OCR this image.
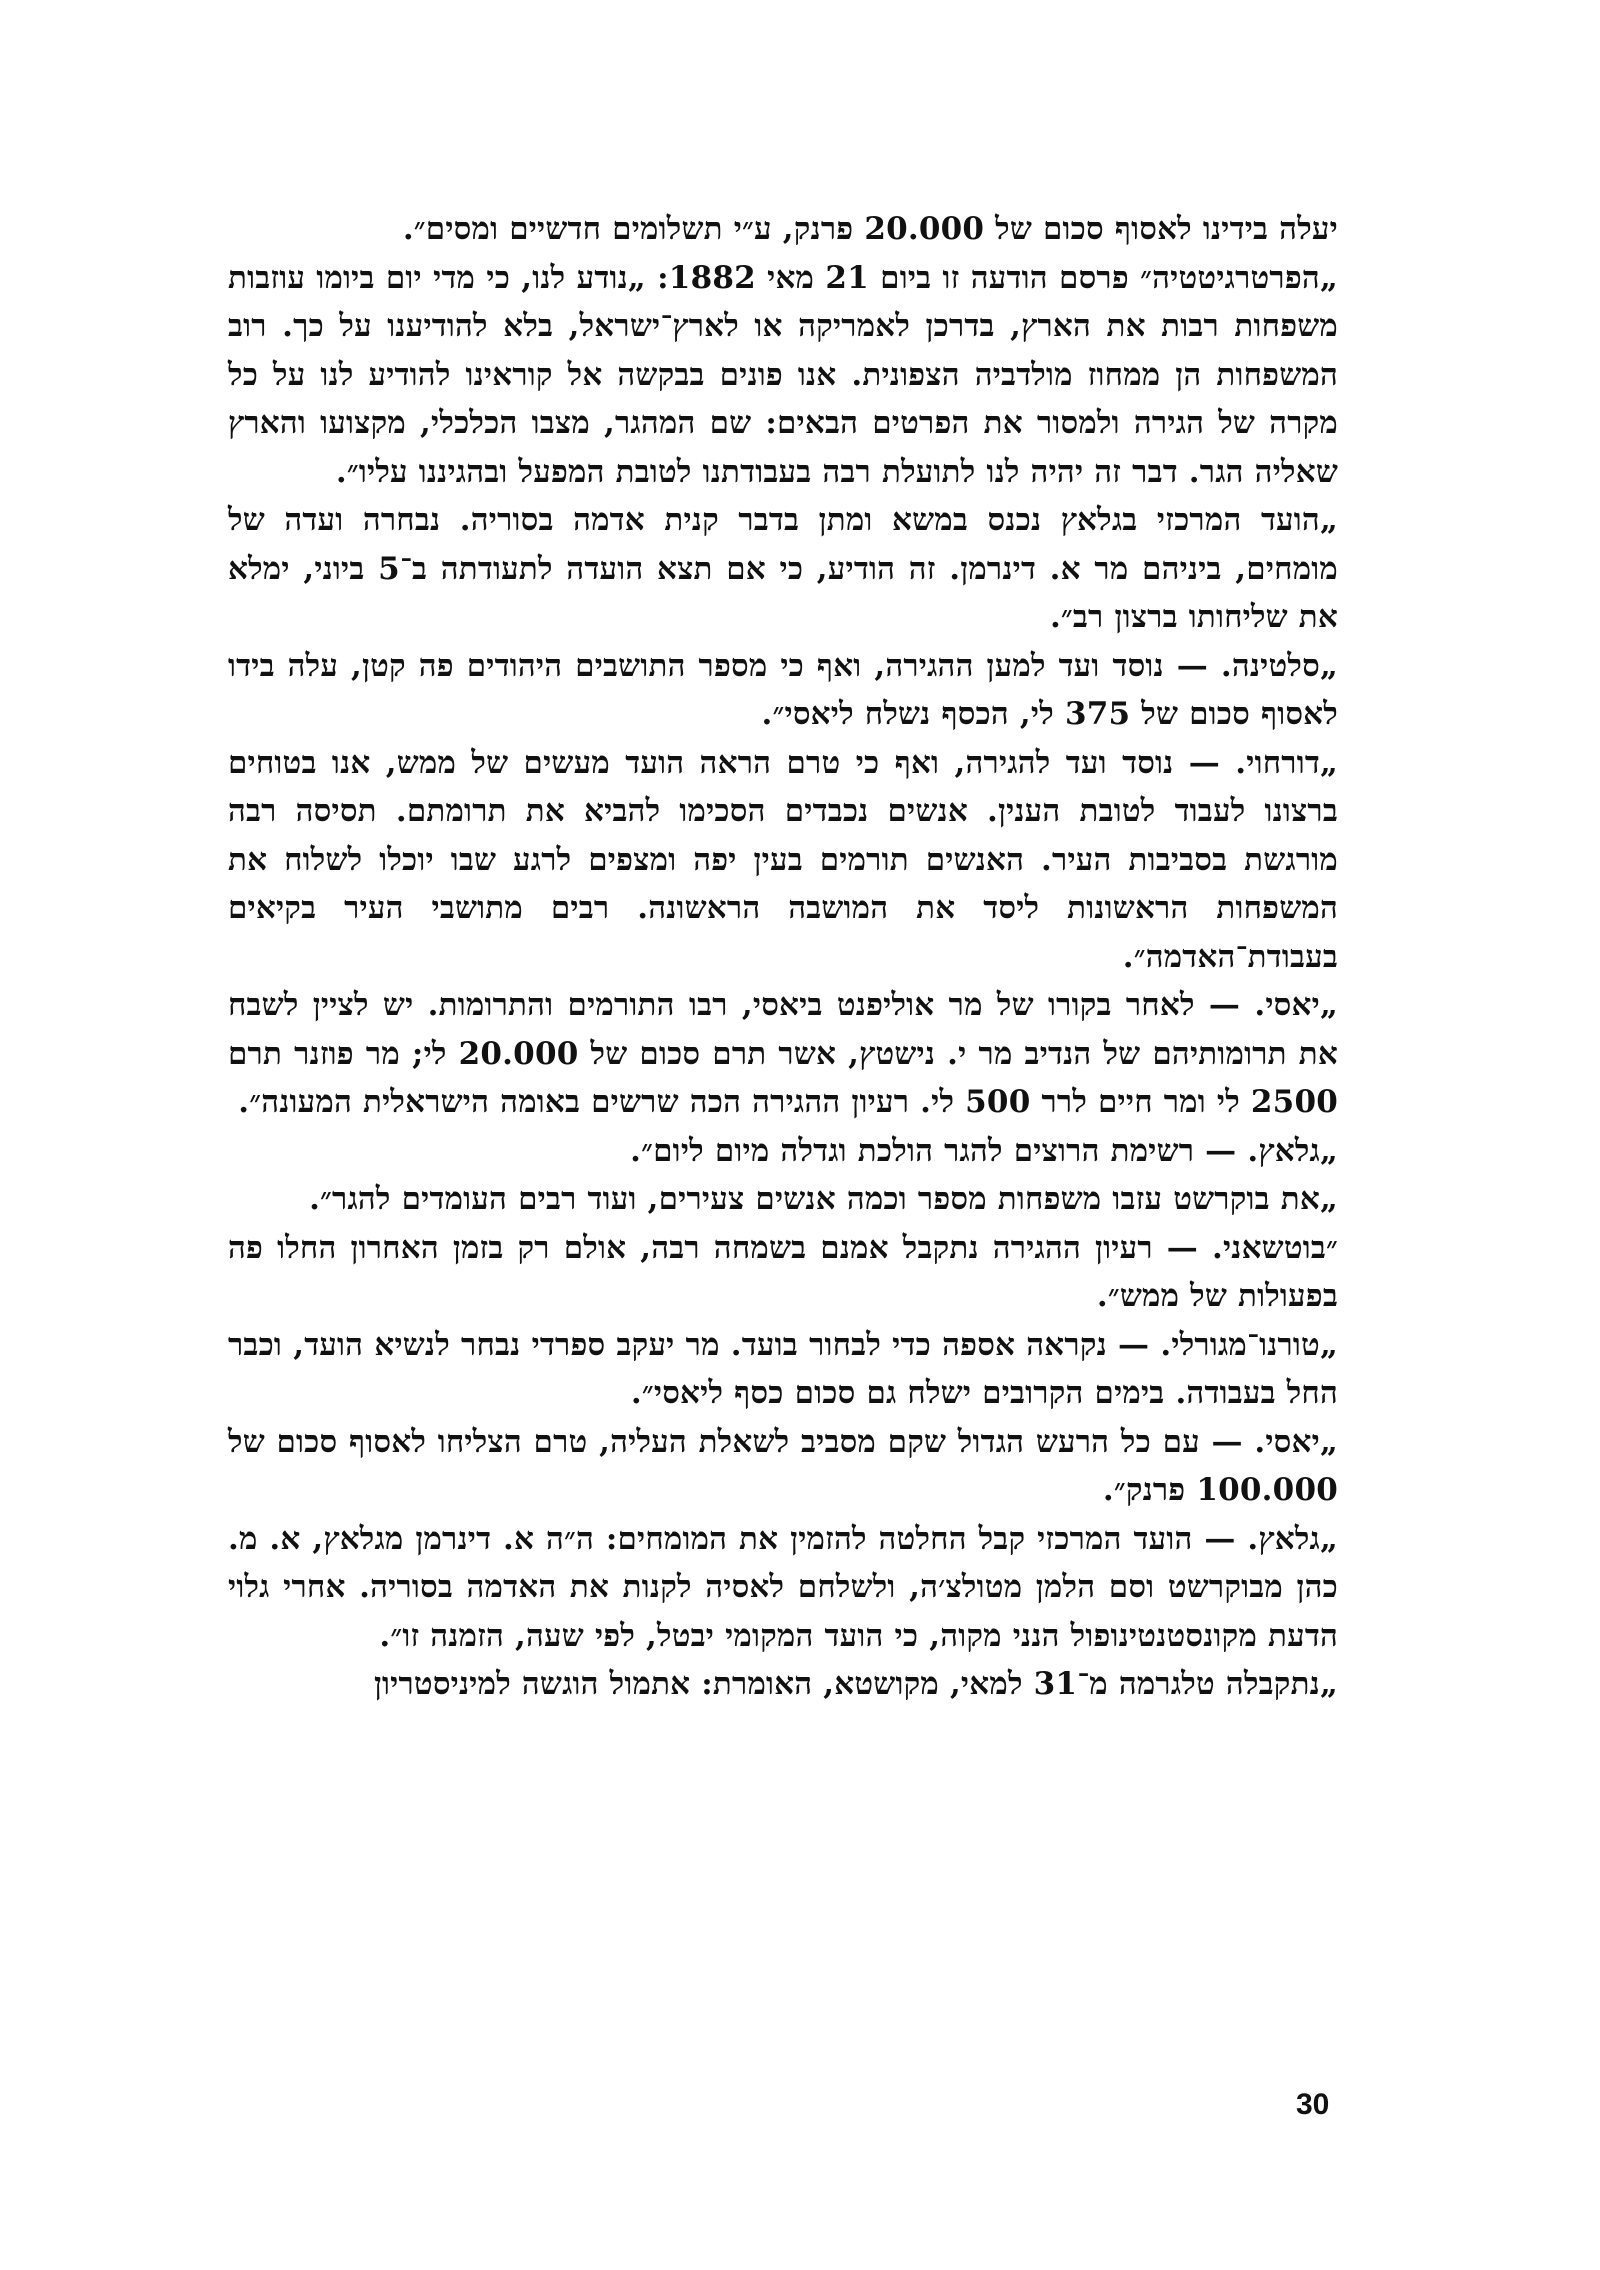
יעלה בידינו לאסוף סכום של 20.000 פרנק, ע״י תשלומים חדשיים ומסים״.

„הפרטרגיטטיה״ פרסם הודעה זו ביום 21 מאי 1882: „נודע לנו, כי מדי יום ביומו עוזבות משפחות רבות את הארץ, בדרכן לאמריקה או לארץ־ישראל, בלא להודיענו על כך. רוב המשפחות הן ממחוז מולדביה הצפונית. אנו פונים בבקשה אל קוראינו להודיע לנו על כל מקרה של הגירה ולמסור את הפרטים הבאים: שם המהגר, מצבו הכלכלי, מקצועו והארץ שאליה הגר. דבר זה יהיה לנו לתועלת רבה בעבודתנו לטובת המפעל ובהגיננו עליו״.

„הועד המרכזי בגלאץ נכנס במשא ומתן בדבר קנית אדמה בסוריה. נבחרה ועדה של מומחים, ביניהם מר א. דינרמן. זה הודיע, כי אם תצא הועדה לתעודתה ב־5 ביוני, ימלא את שליחותו ברצון רב״.

„סלטינה. — נוסד ועד למען ההגירה, ואף כי מספר התושבים היהודים פה קטן, עלה בידו לאסוף סכום של 375 לי, הכסף נשלח ליאסי״.

„דורחוי. — נוסד ועד להגירה, ואף כי טרם הראה הועד מעשים של ממש, אנו בטוחים ברצונו לעבוד לטובת הענין. אנשים נכבדים הסכימו להביא את תרומתם. תסיסה רבה מורגשת בסביבות העיר. האנשים תורמים בעין יפה ומצפים לרגע שבו יוכלו לשלוח את המשפחות הראשונות ליסד את המושבה הראשונה. רבים מתושבי העיר בקיאים בעבודת־האדמה״.

„יאסי. — לאחר בקורו של מר אוליפנט ביאסי, רבו התורמים והתרומות. יש לציין לשבח את תרומותיהם של הנדיב מר י. נישטץ, אשר תרם סכום של 20.000 לי; מר פוזנר תרם 2500 לי ומר חיים לרר 500 לי. רעיון ההגירה הכה שרשים באומה הישראלית המעונה״.

„גלאץ. — רשימת הרוצים להגר הולכת וגדלה מיום ליום״.

„את בוקרשט עזבו משפחות מספר וכמה אנשים צעירים, ועוד רבים העומדים להגר״.

״בוטשאני. — רעיון ההגירה נתקבל אמנם בשמחה רבה, אולם רק בזמן האחרון החלו פה בפעולות של ממש״.

„טורנו־מגורלי. — נקראה אספה כדי לבחור בועד. מר יעקב ספרדי נבחר לנשיא הועד, וכבר החל בעבודה. בימים הקרובים ישלח גם סכום כסף ליאסי״.

„יאסי. — עם כל הרעש הגדול שקם מסביב לשאלת העליה, טרם הצליחו לאסוף סכום של 100.000 פרנק״.

„גלאץ. — הועד המרכזי קבל החלטה להזמין את המומחים: ה״ה א. דינרמן מגלאץ, א. מ. כהן מבוקרשט וסם הלמן מטולצ׳ה, ולשלחם לאסיה לקנות את האדמה בסוריה. אחרי גלוי הדעת מקונסטנטינופול הנני מקוה, כי הועד המקומי יבטל, לפי שעה, הזמנה זו״.

„נתקבלה טלגרמה מ־31 למאי, מקושטא, האומרת: אתמול הוגשה למיניסטריון

30
